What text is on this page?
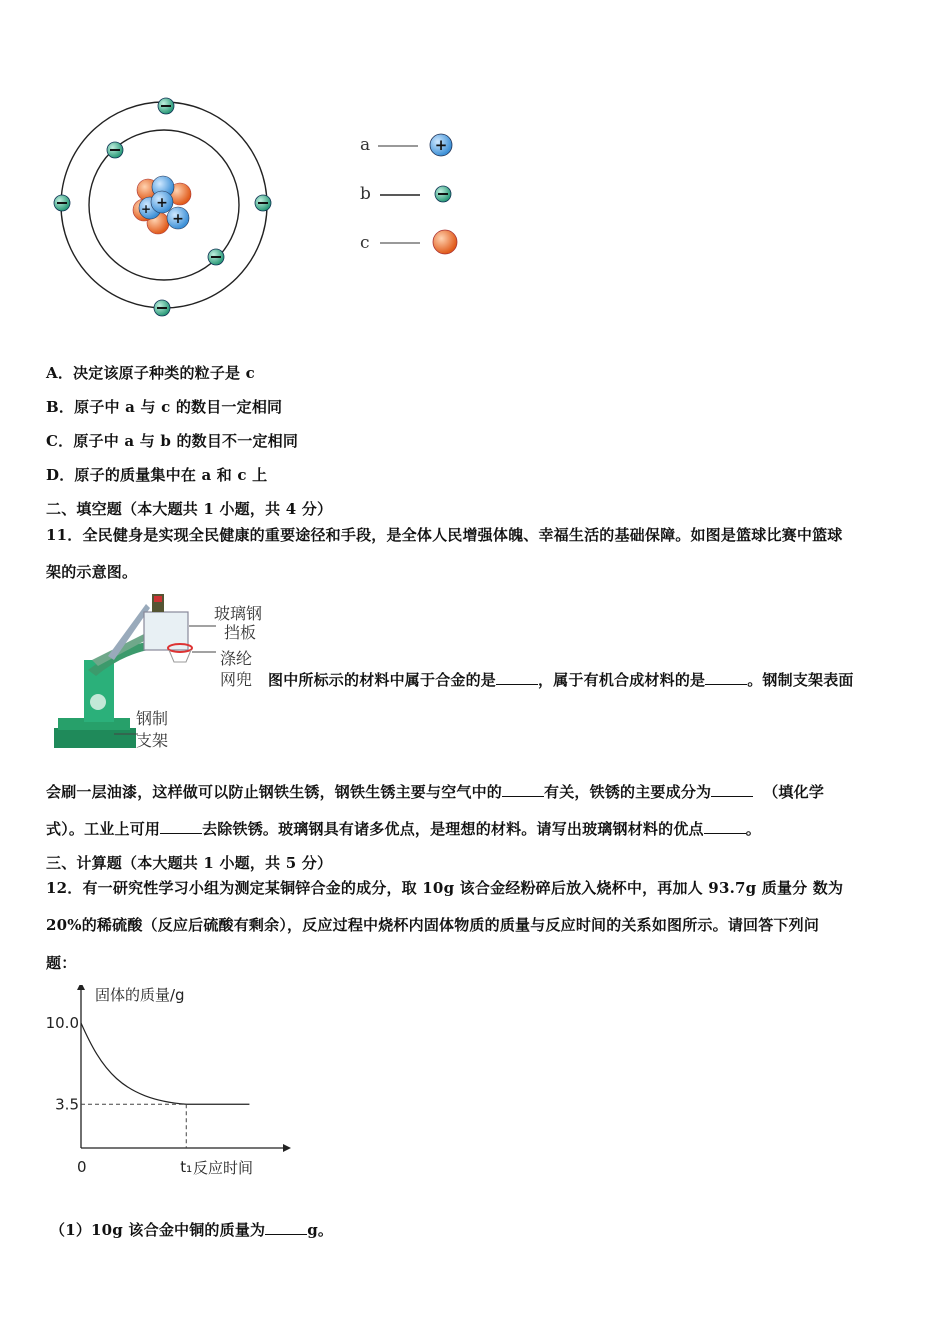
+
+
+
a	+
b
c
A．决定该原子种类的粒子是 c
B．原子中 a 与 c 的数目一定相同
C．原子中 a 与 b 的数目不一定相同
D．原子的质量集中在 a 和 c 上
二、填空题（本大题共 1 小题，共 4 分）
11．全民健身是实现全民健康的重要途径和手段，是全体人民增强体魄、幸福生活的基础保障。如图是篮球比赛中篮球
架的示意图。
玻璃钢
挡板
涤纶
网兜
钢制
支架
图中所标示的材料中属于合金的是	，属于有机合成材料的是	。钢制支架表面
会刷一层油漆，这样做可以防止钢铁生锈，钢铁生锈主要与空气中的	有关，铁锈的主要成分为	（填化学
式）。工业上可用	去除铁锈。玻璃钢具有诸多优点，是理想的材料。请写出玻璃钢材料的优点	。
三、计算题（本大题共 1 小题，共 5 分）
12．有一研究性学习小组为测定某铜锌合金的成分，取 10g 该合金经粉碎后放入烧杯中，再加人 93.7g 质量分 数为
20%的稀硫酸（反应后硫酸有剩余），反应过程中烧杯内固体物质的质量与反应时间的关系如图所示。请回答下列问
题：
固体的质量/g
反应时间
0	t₁
10.0
3.5
（1）10g 该合金中铜的质量为	g。
